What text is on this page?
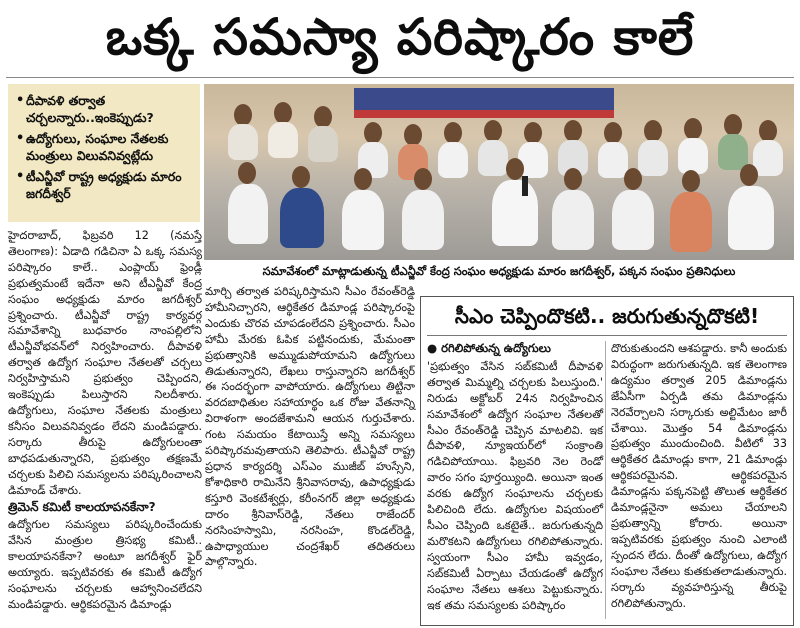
ఒక్క సమస్యా పరిష్కారం కాలే
• దీపావళి తర్వాత చర్చలన్నారు..ఇంకెప్పుడు?
• ఉద్యోగులు, సంఘాల నేతలకు మంత్రులు విలువనివ్వట్లేదు
• టీఎన్జీవో రాష్ట్ర అధ్యక్షుడు మారం జగదీశ్వర్
సమావేశంలో మాట్లాడుతున్న టీఎన్జీవో కేంద్ర సంఘం అధ్యక్షుడు మారం జగదీశ్వర్, పక్కన సంఘం ప్రతినిధులు

హైదరాబాద్, ఫిబ్రవరి 12 (నమస్తే తెలంగాణ): ఏడాది గడిచినా ఏ ఒక్క సమస్య పరిష్కారం కాలే.. ఎంప్లాయ్ ఫ్రెండ్లీ ప్రభుత్వమంటే ఇదేనా అని టీఎన్జీవో కేంద్ర సంఘం అధ్యక్షుడు మారం జగదీశ్వర్ ప్రశ్నించారు. టీఎన్జీవో రాష్ట్ర కార్యవర్గ సమావేశాన్ని బుధవారం నాంపల్లిలోని టీఎన్జీవోభవన్‌లో నిర్వహించారు. దీపావళి తర్వాత ఉద్యోగ సంఘాల నేతలతో చర్చలు నిర్వహిస్తామని ప్రభుత్వం చెప్పిందని, ఇంకెప్పుడు పిలుస్తారని నిలదీశారు. ఉద్యోగులు, సంఘాల నేతలకు మంత్రులు కనీసం విలువనివ్వడం లేదని మండిపడ్డారు. సర్కారు తీరుపై ఉద్యోగులంతా బాధపడుతున్నారని, ప్రభుత్వం తక్షణమే చర్చలకు పిలిచి సమస్యలను పరిష్కరించాలని డిమాండ్ చేశారు.

త్రిమెన్ కమిటీ కాలయాపనకేనా?

ఉద్యోగుల సమస్యలు పరిష్కరించేందుకు వేసిన మంత్రుల త్రిసభ్య కమిటీ.. కాలయాపనకేనా? అంటూ జగదీశ్వర్ ఫైర్ అయ్యారు. ఇప్పటివరకు ఈ కమిటీ ఉద్యోగ సంఘాలను చర్చలకు ఆహ్వానించలేదని మండిపడ్డారు. ఆర్థికపరమైన డిమాండ్లు

మార్చి తర్వాత పరిష్కరిస్తామని సీఎం రేవంత్‌రెడ్డి హామీనిచ్చారని, ఆర్థికేతర డిమాండ్ల పరిష్కారంపై ఎందుకు చొరవ చూపడంలేదని ప్రశ్నించారు. సీఎం హామీ మేరకు ఓపిక పట్టినందుకు, మేమంతా ప్రభుత్వానికి అమ్ముడుపోయామని ఉద్యోగులు తిడుతున్నారని, లేఖలు రాస్తున్నారని జగదీశ్వర్ ఈ సందర్భంగా వాపోయారు. ఉద్యోగులు తిట్టినా వరదబాధితుల సహాయార్థం ఒక రోజు వేతనాన్ని విరాళంగా అందజేశామని ఆయన గుర్తుచేశారు. గంట సమయం కేటాయిస్తే అన్ని సమస్యలు పరిష్కారమవుతాయని తెలిపారు. టీఎన్జీవో రాష్ట్ర ప్రధాన కార్యదర్శి ఎస్‌ఎం ముజీబ్ హుస్సేని, కోశాధికారి రామినేని శ్రీనివాసరావు, ఉపాధ్యక్షుడు కస్తూరి వెంకటేశ్వర్లు, కరీంనగర్ జిల్లా అధ్యక్షుడు దారం శ్రీనివాస్‌రెడ్డి, నేతలు రాజేందర్ నరసింహస్వామి, నరసింహ, కొండల్‌రెడ్డి, ఉపాధ్యాయుల చంద్రశేఖర్ తదితరులు పాల్గొన్నారు.

సీఎం చెప్పిందొకటి.. జరుగుతున్నదొకటి!
● రగిలిపోతున్న ఉద్యోగులు

'ప్రభుత్వం వేసిన సబ్‌కమిటీ దీపావళి తర్వాత మిమ్మల్ని చర్చలకు పిలుస్తుంది.' నిరుడు అక్టోబర్ 24న నిర్వహించిన సమావేశంలో ఉద్యోగ సంఘాల నేతలతో సీఎం రేవంత్‌రెడ్డి చెప్పిన మాటలివి. ఇక దీపావళి, న్యూఇయర్‌లో సంక్రాంతి గడిచిపోయాయి. ఫిబ్రవరి నెల రెండో వారం సగం పూర్తయ్యింది. అయినా ఇంత వరకు ఉద్యోగ సంఘాలను చర్చలకు పిలిచింది లేదు. ఉద్యోగుల విషయంలో సీఎం చెప్పింది ఒకటైతే.. జరుగుతున్నది మరొకటని ఉద్యోగులు రగిలిపోతున్నారు. స్వయంగా సీఎం హామీ ఇవ్వడం, సబ్‌కమిటీ ఏర్పాటు చేయడంతో ఉద్యోగ సంఘాల నేతలు ఆశలు పెట్టుకున్నారు. ఇక తమ సమస్యలకు పరిష్కారం

దొరుకుతుందని ఆశపడ్డారు. కానీ అందుకు విరుద్ధంగా జరుగుతున్నది. ఇక తెలంగాణ ఉద్యమం తర్వాత 205 డిమాండ్లను జేఏసీగా ఏర్పడి తమ డిమాండ్లను నెరవేర్చాలని సర్కారుకు అల్టిమేటం జారీ చేశాయి. మొత్తం 54 డిమాండ్లను ప్రభుత్వం ముందుంచింది. వీటిలో 33 ఆర్థికేతర డిమాండ్లు కాగా, 21 డిమాండ్లు ఆర్థికపరమైనవి. ఆర్థికపరమైన డిమాండ్లను పక్కనపెట్టి తొలుత ఆర్థికేతర డిమాండ్లనైనా అమలు చేయాలని ప్రభుత్వాన్ని కోరారు. అయినా ఇప్పటివరకు ప్రభుత్వం నుంచి ఎలాంటి స్పందన లేదు. దీంతో ఉద్యోగులు, ఉద్యోగ సంఘాల నేతలు కుతకుతలాడుతున్నారు. సర్కారు వ్యవహరిస్తున్న తీరుపై రగిలిపోతున్నారు.
